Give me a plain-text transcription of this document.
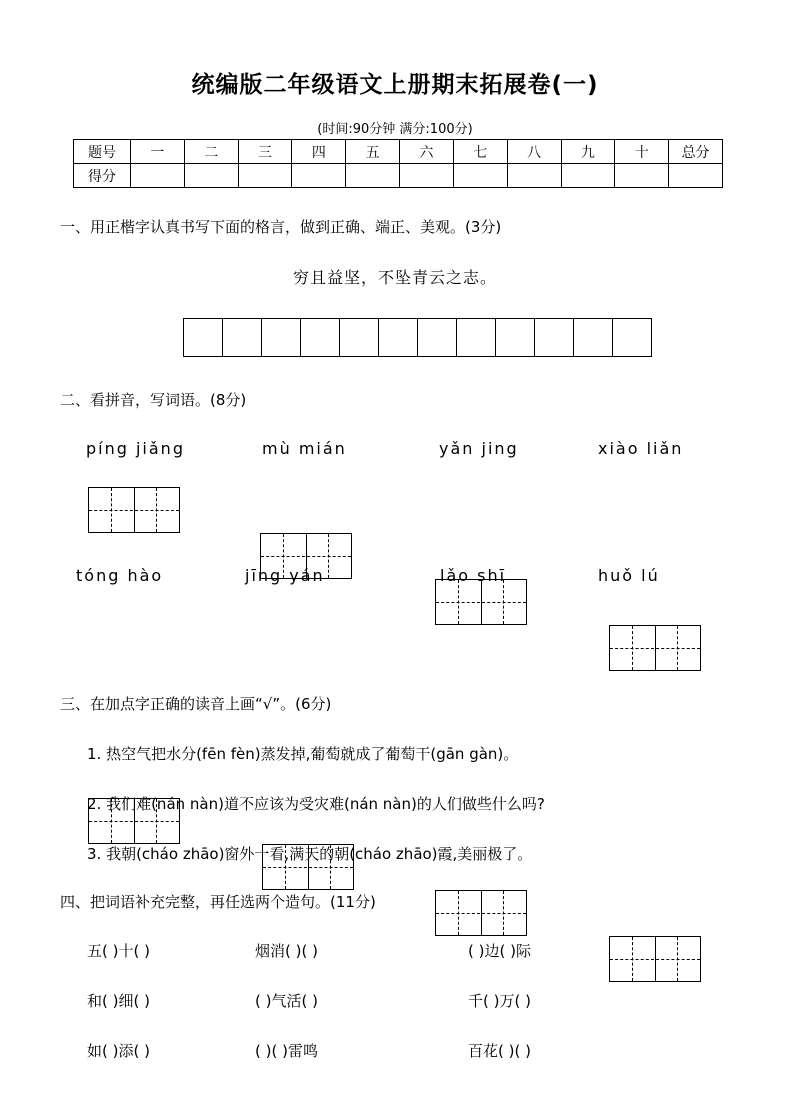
统编版二年级语文上册期末拓展卷(一)
(时间:90分钟 满分:100分)
题号	一	二	三	四	五	六	七	八	九	十	总分
得分											
一、用正楷字认真书写下面的格言，做到正确、端正、美观。(3分)
穷且益坚，不坠青云之志。
二、看拼音，写词语。(8分)
píng jiǎng	mù mián	yǎn jing	xiào liǎn
tóng hào	jīng yán	lǎo shī	huǒ lú
三、在加点字正确的读音上画“√”。(6分)
1. 热空气把水分(fēn fèn)蒸发掉,葡萄就成了葡萄干(gān gàn)。
2. 我们难(nán nàn)道不应该为受灾难(nán nàn)的人们做些什么吗?
3. 我朝(cháo zhāo)窗外一看,满天的朝(cháo zhāo)霞,美丽极了。
四、把词语补充完整，再任选两个造句。(11分)
五( )十( )	烟消( )( )	( )边( )际
和( )细( )	( )气活( )	千( )万( )
如( )添( )	( )( )雷鸣	百花( )( )
